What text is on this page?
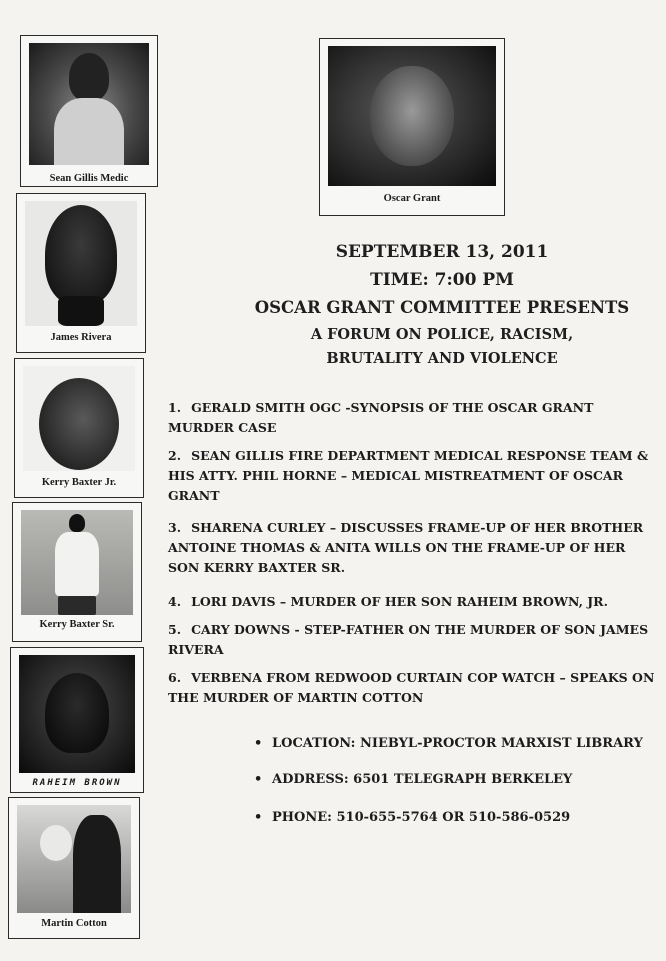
Sean Gillis Medic
James Rivera
Kerry Baxter Jr.
Kerry Baxter Sr.
RAHEIM BROWN
Martin Cotton
Oscar Grant
SEPTEMBER 13, 2011
TIME: 7:00 PM
OSCAR GRANT COMMITTEE PRESENTS
A FORUM ON POLICE, RACISM,
BRUTALITY AND VIOLENCE
1. GERALD SMITH OGC -SYNOPSIS OF THE OSCAR GRANT MURDER CASE
2. SEAN GILLIS FIRE DEPARTMENT MEDICAL RESPONSE TEAM & HIS ATTY. PHIL HORNE – MEDICAL MISTREATMENT OF OSCAR GRANT
3. SHARENA CURLEY – DISCUSSES FRAME-UP OF HER BROTHER ANTOINE THOMAS & ANITA WILLS ON THE FRAME-UP OF HER SON KERRY BAXTER SR.
4. LORI DAVIS – MURDER OF HER SON RAHEIM BROWN, JR.
5. CARY DOWNS - STEP-FATHER ON THE MURDER OF SON JAMES RIVERA
6. VERBENA FROM REDWOOD CURTAIN COP WATCH – SPEAKS ON THE MURDER OF MARTIN COTTON
• LOCATION: NIEBYL-PROCTOR MARXIST LIBRARY
• ADDRESS: 6501 TELEGRAPH BERKELEY
• PHONE: 510-655-5764 OR 510-586-0529
